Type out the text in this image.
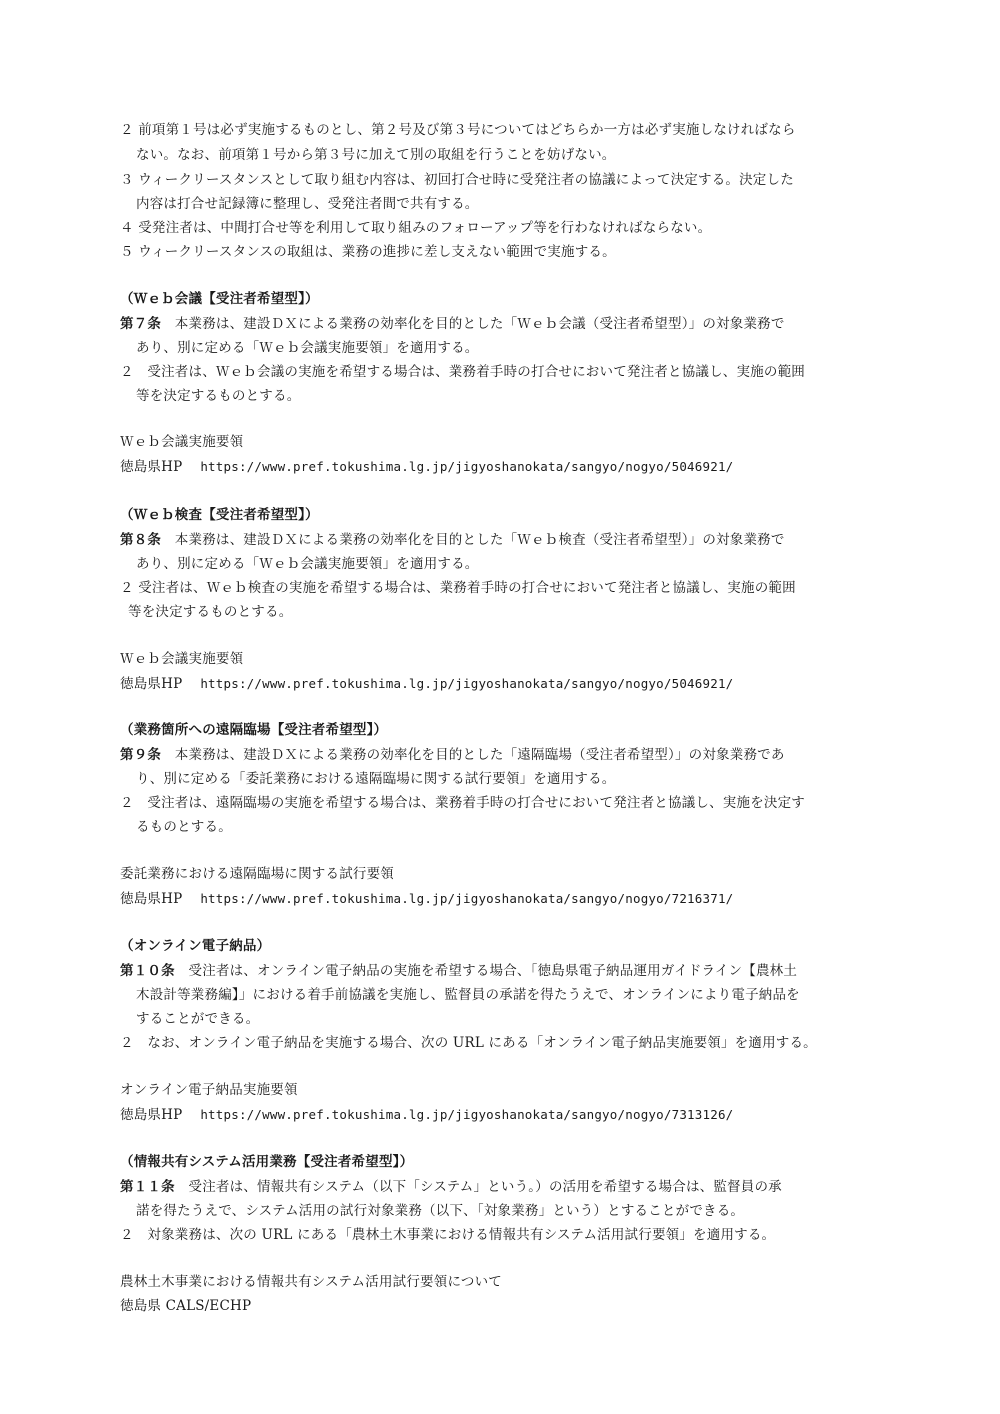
２ 前項第１号は必ず実施するものとし、第２号及び第３号についてはどちらか一方は必ず実施しなければなら
ない。なお、前項第１号から第３号に加えて別の取組を行うことを妨げない。
３ ウィークリースタンスとして取り組む内容は、初回打合せ時に受発注者の協議によって決定する。決定した
内容は打合せ記録簿に整理し、受発注者間で共有する。
４ 受発注者は、中間打合せ等を利用して取り組みのフォローアップ等を行わなければならない。
５ ウィークリースタンスの取組は、業務の進捗に差し支えない範囲で実施する。
（Ｗｅｂ会議【受注者希望型】）
第７条　本業務は、建設ＤＸによる業務の効率化を目的とした「Ｗｅｂ会議（受注者希望型）」の対象業務で
あり、別に定める「Ｗｅｂ会議実施要領」を適用する。
２　受注者は、Ｗｅｂ会議の実施を希望する場合は、業務着手時の打合せにおいて発注者と協議し、実施の範囲
等を決定するものとする。
Ｗｅｂ会議実施要領
徳島県HP https://www.pref.tokushima.lg.jp/jigyoshanokata/sangyo/nogyo/5046921/
（Ｗｅｂ検査【受注者希望型】）
第８条　本業務は、建設ＤＸによる業務の効率化を目的とした「Ｗｅｂ検査（受注者希望型）」の対象業務で
あり、別に定める「Ｗｅｂ会議実施要領」を適用する。
２ 受注者は、Ｗｅｂ検査の実施を希望する場合は、業務着手時の打合せにおいて発注者と協議し、実施の範囲
等を決定するものとする。
Ｗｅｂ会議実施要領
徳島県HP https://www.pref.tokushima.lg.jp/jigyoshanokata/sangyo/nogyo/5046921/
（業務箇所への遠隔臨場【受注者希望型】）
第９条　本業務は、建設ＤＸによる業務の効率化を目的とした「遠隔臨場（受注者希望型）」の対象業務であ
り、別に定める「委託業務における遠隔臨場に関する試行要領」を適用する。
２　受注者は、遠隔臨場の実施を希望する場合は、業務着手時の打合せにおいて発注者と協議し、実施を決定す
るものとする。
委託業務における遠隔臨場に関する試行要領
徳島県HP https://www.pref.tokushima.lg.jp/jigyoshanokata/sangyo/nogyo/7216371/
（オンライン電子納品）
第１０条　受注者は、オンライン電子納品の実施を希望する場合、「徳島県電子納品運用ガイドライン【農林土
木設計等業務編】」における着手前協議を実施し、監督員の承諾を得たうえで、オンラインにより電子納品を
することができる。
２　なお、オンライン電子納品を実施する場合、次の URL にある「オンライン電子納品実施要領」を適用する。
オンライン電子納品実施要領
徳島県HP https://www.pref.tokushima.lg.jp/jigyoshanokata/sangyo/nogyo/7313126/
（情報共有システム活用業務【受注者希望型】）
第１１条　受注者は、情報共有システム（以下「システム」という。）の活用を希望する場合は、監督員の承
諾を得たうえで、システム活用の試行対象業務（以下、「対象業務」という）とすることができる。
２　対象業務は、次の URL にある「農林土木事業における情報共有システム活用試行要領」を適用する。
農林土木事業における情報共有システム活用試行要領について
徳島県 CALS/ECHP
